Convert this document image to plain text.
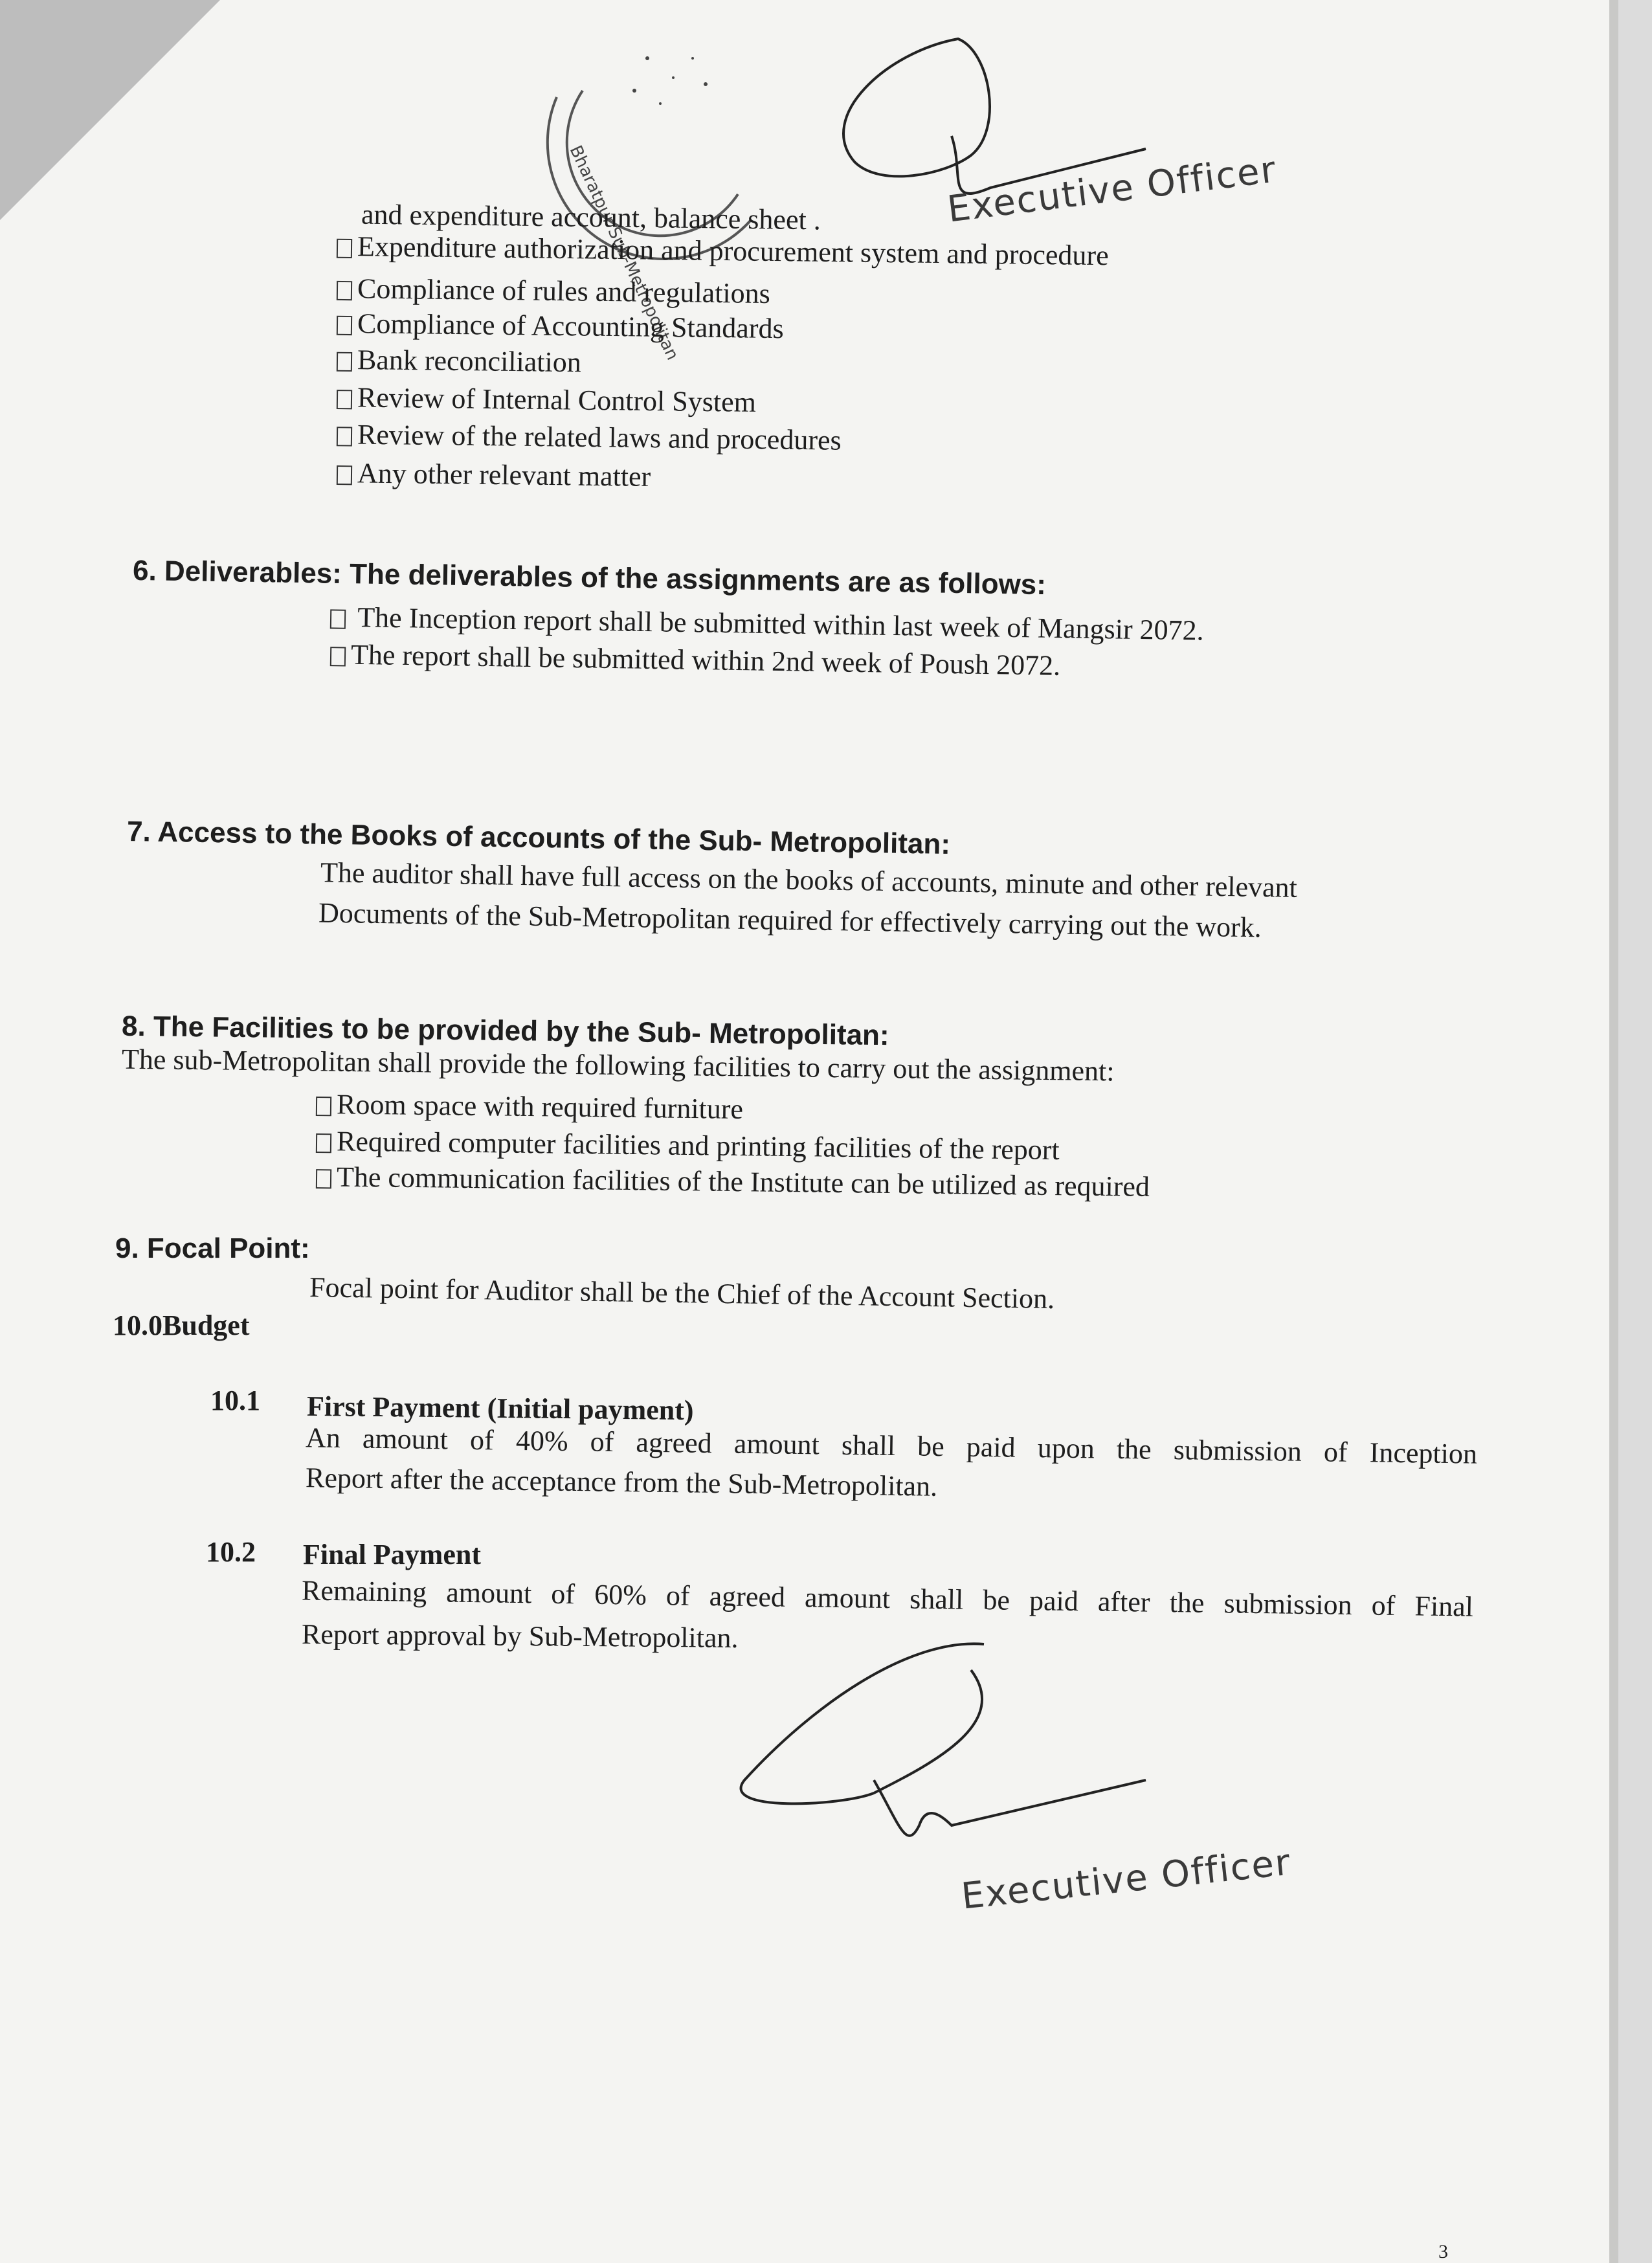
Bharatpur Sub-Metropolitan	Executive Officer
and expenditure account, balance sheet .
Expenditure authorization and procurement system and procedure
Compliance of rules and regulations
Compliance of Accounting Standards
Bank reconciliation
Review of Internal Control System
Review of the related laws and procedures
Any other relevant matter
6. Deliverables: The deliverables of the assignments are as follows:
The Inception report shall be submitted within last week of Mangsir 2072.
The report shall be submitted within 2nd week of Poush 2072.
7. Access to the Books of accounts of the Sub- Metropolitan:
The auditor shall have full access on the books of accounts, minute and other relevant
Documents of the Sub-Metropolitan required for effectively carrying out the work.
8. The Facilities to be provided by the Sub- Metropolitan:
The sub-Metropolitan shall provide the following facilities to carry out the assignment:
Room space with required furniture
Required computer facilities and printing facilities of the report
The communication facilities of the Institute can be utilized as required
9. Focal Point:
Focal point for Auditor shall be the Chief of the Account Section.
10.0Budget
10.1 First Payment (Initial payment)
An amount of 40% of agreed amount shall be paid upon the submission of Inception
Report after the acceptance from the Sub-Metropolitan.
10.2 Final Payment
Remaining amount of 60% of agreed amount shall be paid after the submission of Final
Report approval by Sub-Metropolitan.
Executive Officer
3
